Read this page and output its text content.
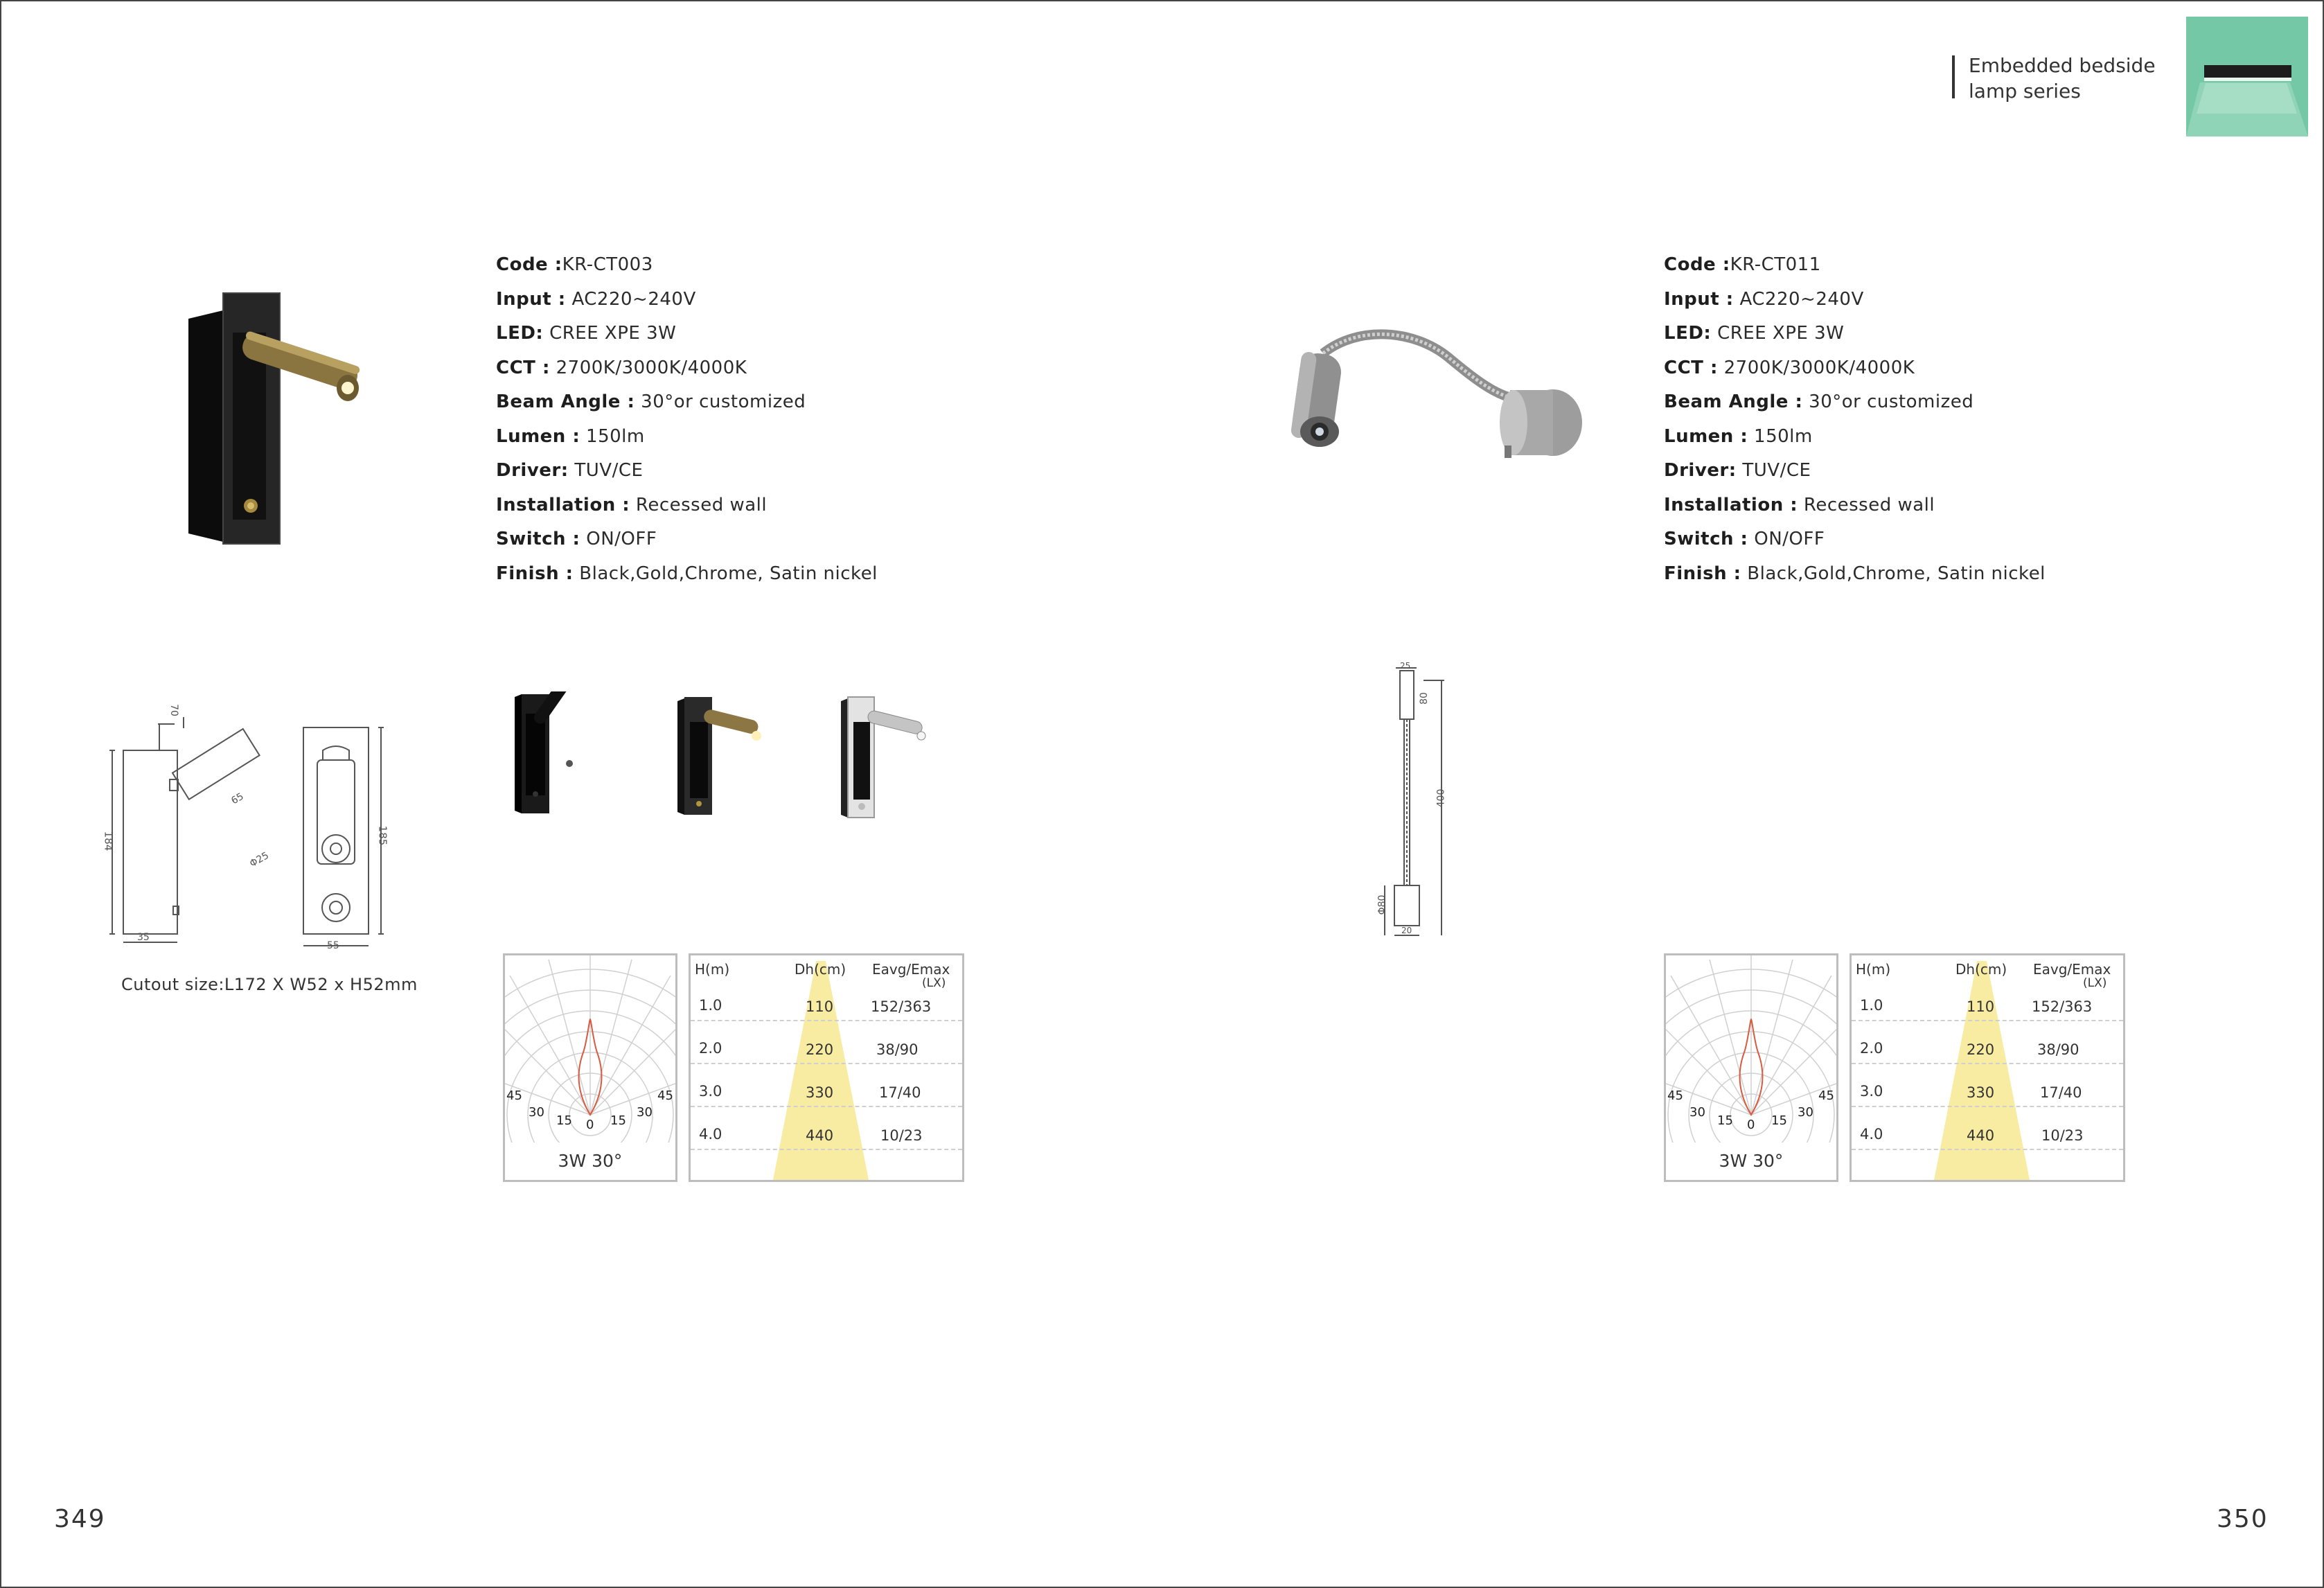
Embedded bedside
lamp series
Code :KR-CT003
Input : AC220~240V
LED: CREE XPE 3W
CCT : 2700K/3000K/4000K
Beam Angle : 30°or customized
Lumen : 150lm
Driver: TUV/CE
Installation : Recessed wall
Switch : ON/OFF
Finish : Black,Gold,Chrome, Satin nickel
Code :KR-CT011
Input : AC220~240V
LED: CREE XPE 3W
CCT : 2700K/3000K/4000K
Beam Angle : 30°or customized
Lumen : 150lm
Driver: TUV/CE
Installation : Recessed wall
Switch : ON/OFF
Finish : Black,Gold,Chrome, Satin nickel
70
184
35
65
Φ25
185
55
Cutout size:L172 X W52 x H52mm
25
80
400
Φ80
20
45
30
15 0 15
30
45
3W 30°
H(m)	Dh(cm) Eavg/Emax
(LX)
1.0	110	152/363
2.0	220	38/90
3.0	330	17/40
4.0	440	10/23
45
30
15 0 15
30
45
3W 30°
H(m)	Dh(cm) Eavg/Emax
(LX)
1.0	110	152/363
2.0	220	38/90
3.0	330	17/40
4.0	440	10/23
349	350
